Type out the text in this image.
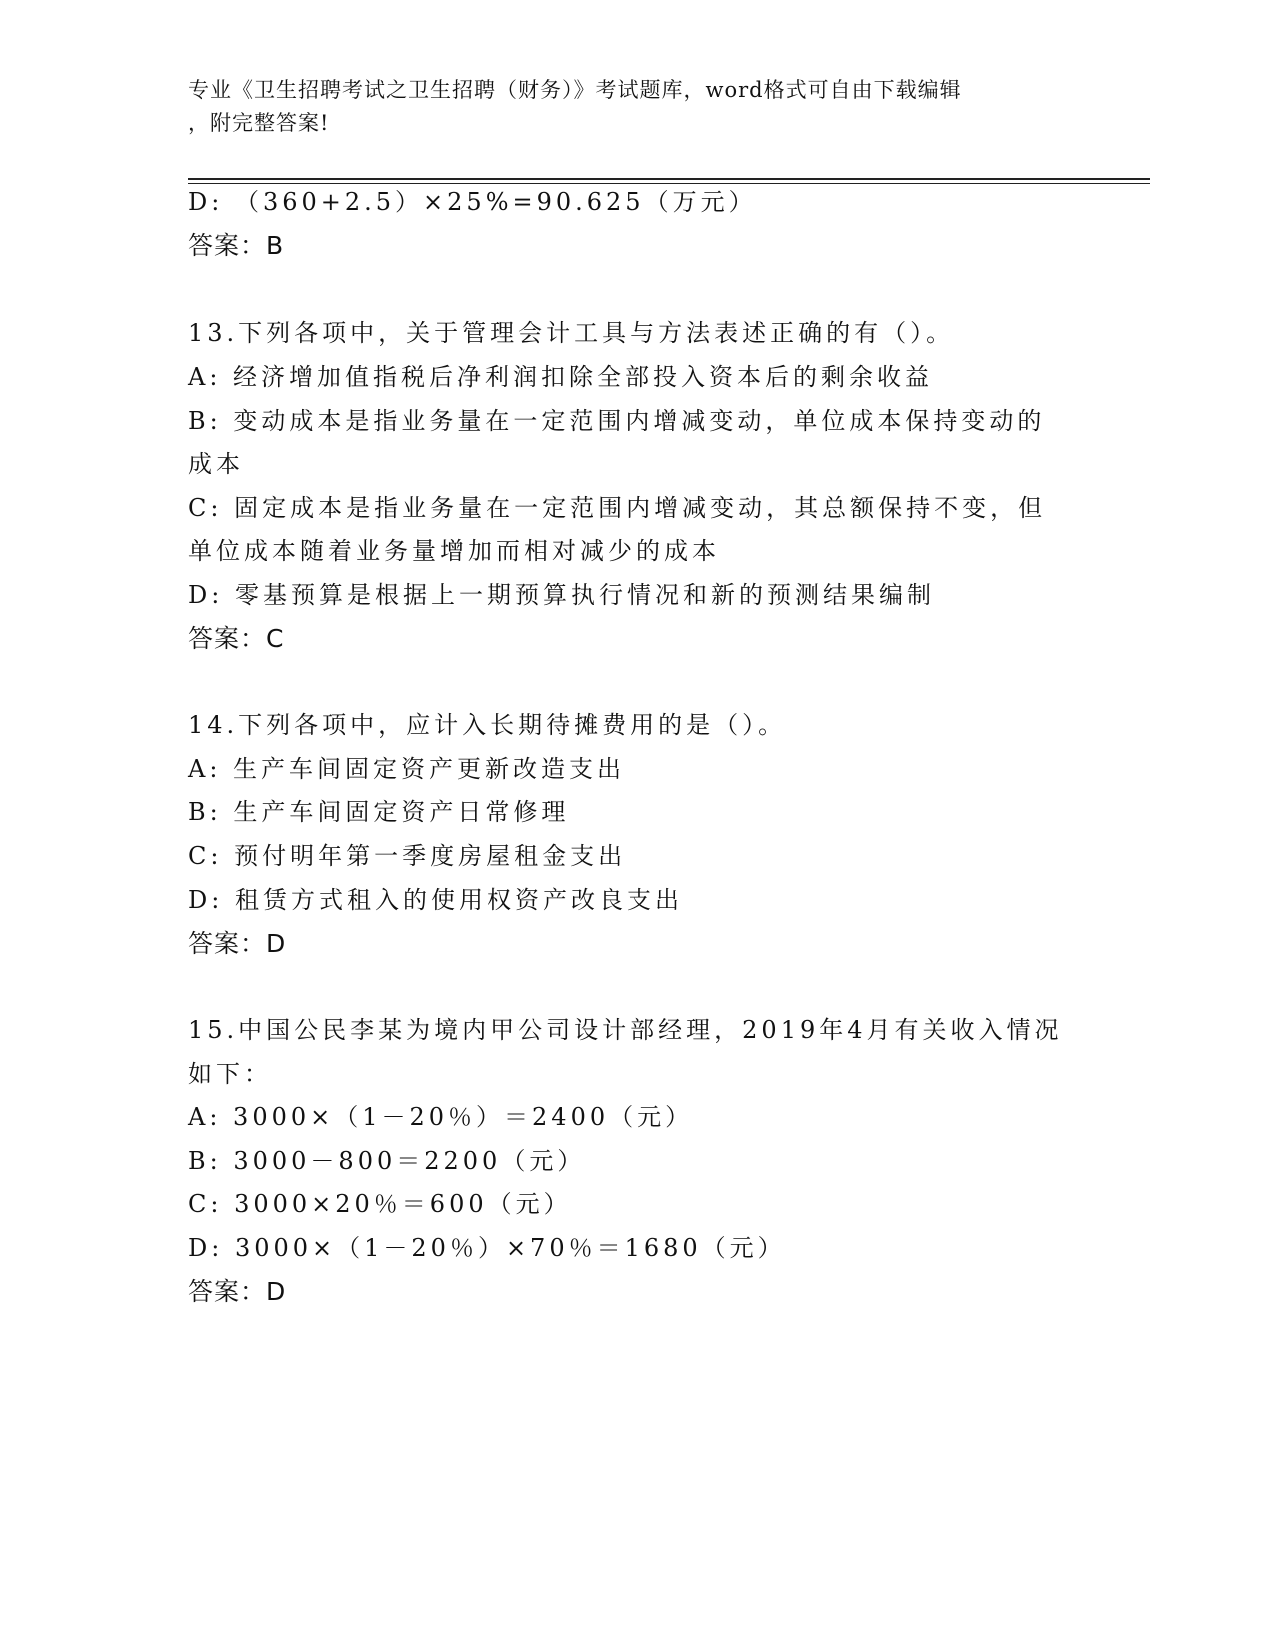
专业《卫生招聘考试之卫生招聘（财务）》考试题库，word格式可自由下载编辑
，附完整答案!
D: （360+2.5）×25%=90.625（万元）
答案：B
13.下列各项中，关于管理会计工具与方法表述正确的有（）。
A: 经济增加值指税后净利润扣除全部投入资本后的剩余收益
B: 变动成本是指业务量在一定范围内增减变动，单位成本保持变动的
成本
C: 固定成本是指业务量在一定范围内增减变动，其总额保持不变，但
单位成本随着业务量增加而相对减少的成本
D: 零基预算是根据上一期预算执行情况和新的预测结果编制
答案：C
14.下列各项中，应计入长期待摊费用的是（）。
A: 生产车间固定资产更新改造支出
B: 生产车间固定资产日常修理
C: 预付明年第一季度房屋租金支出
D: 租赁方式租入的使用权资产改良支出
答案：D
15.中国公民李某为境内甲公司设计部经理，2019年4月有关收入情况
如下：
A: 3000×（1－20％）＝2400（元）
B: 3000－800＝2200（元）
C: 3000×20％＝600（元）
D: 3000×（1－20％）×70％＝1680（元）
答案：D
